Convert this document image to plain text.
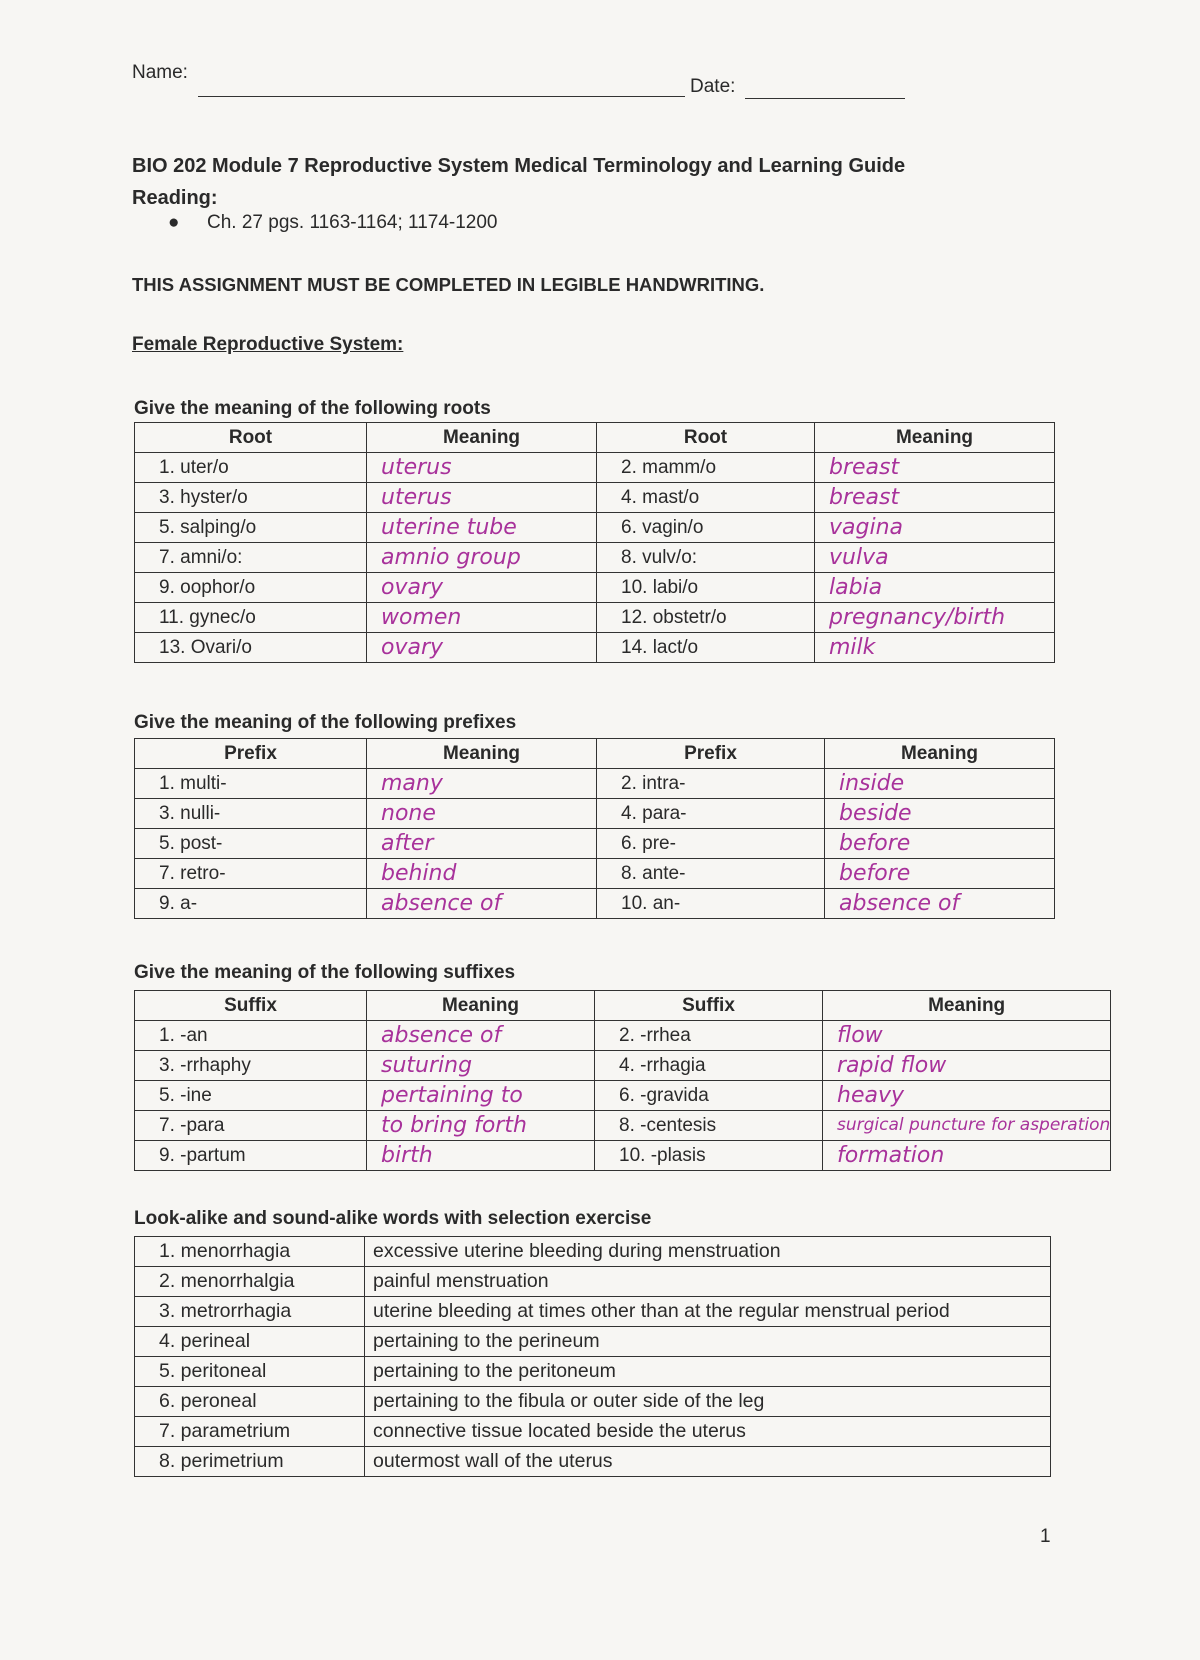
Name:
Date:
BIO 202 Module 7 Reproductive System Medical Terminology and Learning Guide
Reading:
● Ch. 27 pgs. 1163-1164; 1174-1200
THIS ASSIGNMENT MUST BE COMPLETED IN LEGIBLE HANDWRITING.
Female Reproductive System:
Give the meaning of the following roots
Root	Meaning	Root	Meaning
1. uter/o	uterus	2. mamm/o	breast
3. hyster/o	uterus	4. mast/o	breast
5. salping/o	uterine tube	6. vagin/o	vagina
7. amni/o:	amnio group	8. vulv/o:	vulva
9. oophor/o	ovary	10. labi/o	labia
11. gynec/o	women	12. obstetr/o	pregnancy/birth
13. Ovari/o	ovary	14. lact/o	milk
Give the meaning of the following prefixes
Prefix	Meaning	Prefix	Meaning
1. multi-	many	2. intra-	inside
3. nulli-	none	4. para-	beside
5. post-	after	6. pre-	before
7. retro-	behind	8. ante-	before
9. a-	absence of	10. an-	absence of
Give the meaning of the following suffixes
Suffix	Meaning	Suffix	Meaning
1. -an	absence of	2. -rrhea	flow
3. -rrhaphy	suturing	4. -rrhagia	rapid flow
5. -ine	pertaining to	6. -gravida	heavy
7. -para	to bring forth	8. -centesis	surgical puncture for asperation
9. -partum	birth	10. -plasis	formation
Look-alike and sound-alike words with selection exercise
1. menorrhagia	excessive uterine bleeding during menstruation
2. menorrhalgia	painful menstruation
3. metrorrhagia	uterine bleeding at times other than at the regular menstrual period
4. perineal	pertaining to the perineum
5. peritoneal	pertaining to the peritoneum
6. peroneal	pertaining to the fibula or outer side of the leg
7. parametrium	connective tissue located beside the uterus
8. perimetrium	outermost wall of the uterus
1
